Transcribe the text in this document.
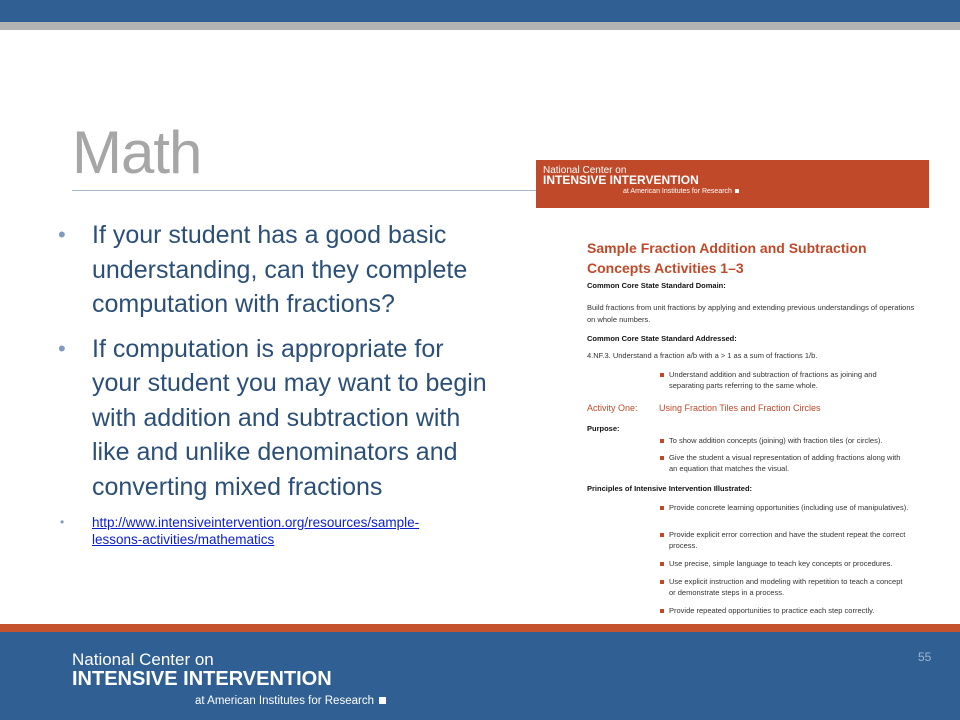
Math
• If your student has a good basic understanding, can they complete computation with fractions?
• If computation is appropriate for your student you may want to begin with addition and subtraction with like and unlike denominators and converting mixed fractions
• http://www.intensiveintervention.org/resources/sample-
lessons-activities/mathematics
National Center on
INTENSIVE INTERVENTION
at American Institutes for Research
Sample Fraction Addition and Subtraction
Concepts Activities 1–3
Common Core State Standard Domain:
Build fractions from unit fractions by applying and extending previous understandings of operations on whole numbers.
Common Core State Standard Addressed:
4.NF.3. Understand a fraction a/b with a > 1 as a sum of fractions 1/b.
Understand addition and subtraction of fractions as joining and separating parts referring to the same whole.
Activity One: Using Fraction Tiles and Fraction Circles
Purpose:
To show addition concepts (joining) with fraction tiles (or circles).
Give the student a visual representation of adding fractions along with an equation that matches the visual.
Principles of Intensive Intervention Illustrated:
Provide concrete learning opportunities (including use of manipulatives).
Provide explicit error correction and have the student repeat the correct process.
Use precise, simple language to teach key concepts or procedures.
Use explicit instruction and modeling with repetition to teach a concept or demonstrate steps in a process.
Provide repeated opportunities to practice each step correctly.
National Center on
INTENSIVE INTERVENTION
at American Institutes for Research
55
